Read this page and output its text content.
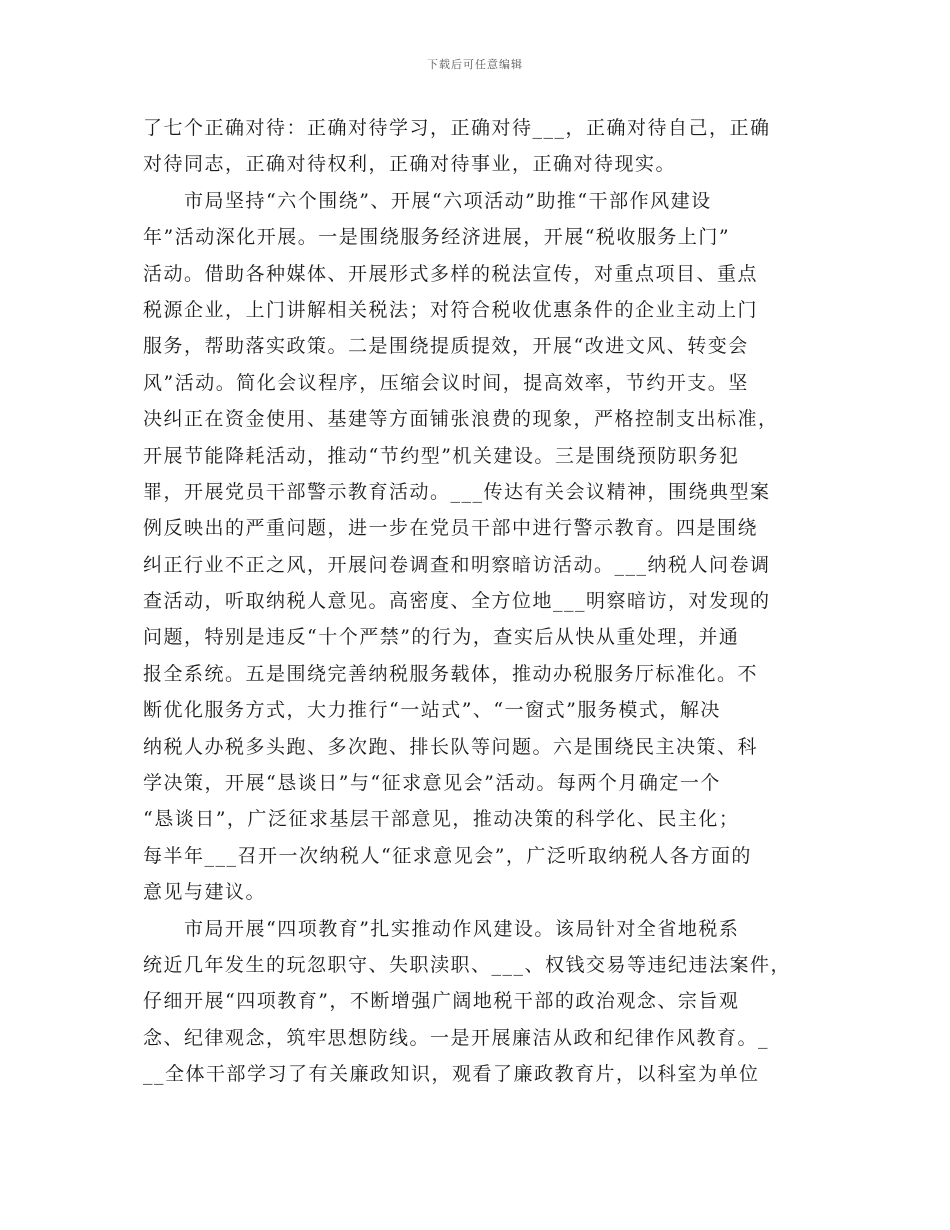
下载后可任意编辑
了七个正确对待：正确对待学习，正确对待___，正确对待自己，正确
对待同志，正确对待权利，正确对待事业，正确对待现实。
　　市局坚持“六个围绕”、开展“六项活动”助推“干部作风建设
年”活动深化开展。一是围绕服务经济进展，开展“税收服务上门”
活动。借助各种媒体、开展形式多样的税法宣传，对重点项目、重点
税源企业，上门讲解相关税法；对符合税收优惠条件的企业主动上门
服务，帮助落实政策。二是围绕提质提效，开展“改进文风、转变会
风”活动。简化会议程序，压缩会议时间，提高效率，节约开支。坚
决纠正在资金使用、基建等方面铺张浪费的现象，严格控制支出标准，
开展节能降耗活动，推动“节约型”机关建设。三是围绕预防职务犯
罪，开展党员干部警示教育活动。___传达有关会议精神，围绕典型案
例反映出的严重问题，进一步在党员干部中进行警示教育。四是围绕
纠正行业不正之风，开展问卷调查和明察暗访活动。___纳税人问卷调
查活动，听取纳税人意见。高密度、全方位地___明察暗访，对发现的
问题，特别是违反“十个严禁”的行为，查实后从快从重处理，并通
报全系统。五是围绕完善纳税服务载体，推动办税服务厅标准化。不
断优化服务方式，大力推行“一站式”、“一窗式”服务模式，解决
纳税人办税多头跑、多次跑、排长队等问题。六是围绕民主决策、科
学决策，开展“恳谈日”与“征求意见会”活动。每两个月确定一个
“恳谈日”，广泛征求基层干部意见，推动决策的科学化、民主化；
每半年___召开一次纳税人“征求意见会”，广泛听取纳税人各方面的
意见与建议。
　　市局开展“四项教育”扎实推动作风建设。该局针对全省地税系
统近几年发生的玩忽职守、失职渎职、___、权钱交易等违纪违法案件，
仔细开展“四项教育”，不断增强广阔地税干部的政治观念、宗旨观
念、纪律观念，筑牢思想防线。一是开展廉洁从政和纪律作风教育。_
__全体干部学习了有关廉政知识，观看了廉政教育片，以科室为单位
